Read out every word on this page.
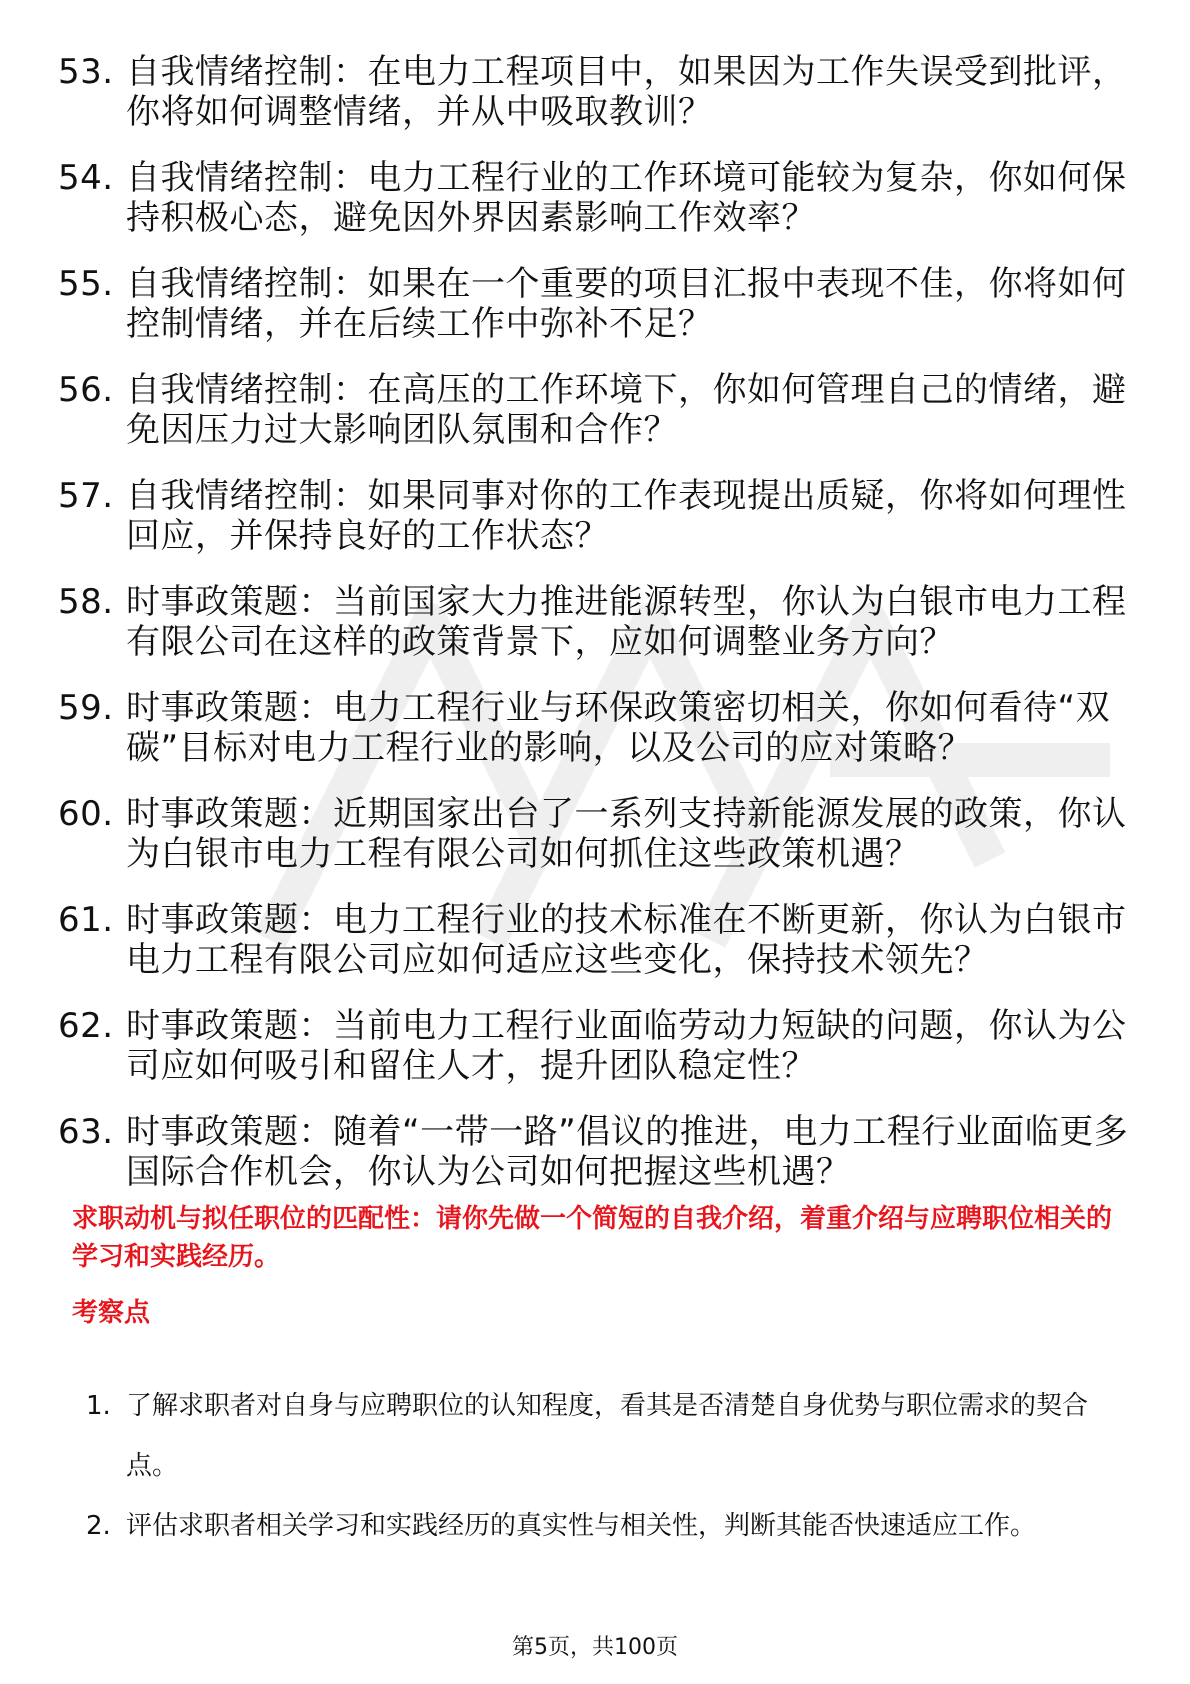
53. 自我情绪控制：在电力工程项目中，如果因为工作失误受到批评，你将如何调整情绪，并从中吸取教训？
54. 自我情绪控制：电力工程行业的工作环境可能较为复杂，你如何保持积极心态，避免因外界因素影响工作效率？
55. 自我情绪控制：如果在一个重要的项目汇报中表现不佳，你将如何控制情绪，并在后续工作中弥补不足？
56. 自我情绪控制：在高压的工作环境下，你如何管理自己的情绪，避免因压力过大影响团队氛围和合作？
57. 自我情绪控制：如果同事对你的工作表现提出质疑，你将如何理性回应，并保持良好的工作状态？
58. 时事政策题：当前国家大力推进能源转型，你认为白银市电力工程有限公司在这样的政策背景下，应如何调整业务方向？
59. 时事政策题：电力工程行业与环保政策密切相关，你如何看待“双碳”目标对电力工程行业的影响，以及公司的应对策略？
60. 时事政策题：近期国家出台了一系列支持新能源发展的政策，你认为白银市电力工程有限公司如何抓住这些政策机遇？
61. 时事政策题：电力工程行业的技术标准在不断更新，你认为白银市电力工程有限公司应如何适应这些变化，保持技术领先？
62. 时事政策题：当前电力工程行业面临劳动力短缺的问题，你认为公司应如何吸引和留住人才，提升团队稳定性？
63. 时事政策题：随着“一带一路”倡议的推进，电力工程行业面临更多国际合作机会，你认为公司如何把握这些机遇？
求职动机与拟任职位的匹配性：请你先做一个简短的自我介绍，着重介绍与应聘职位相关的学习和实践经历。
考察点
1. 了解求职者对自身与应聘职位的认知程度，看其是否清楚自身优势与职位需求的契合点。
2. 评估求职者相关学习和实践经历的真实性与相关性，判断其能否快速适应工作。
第5页，共100页
